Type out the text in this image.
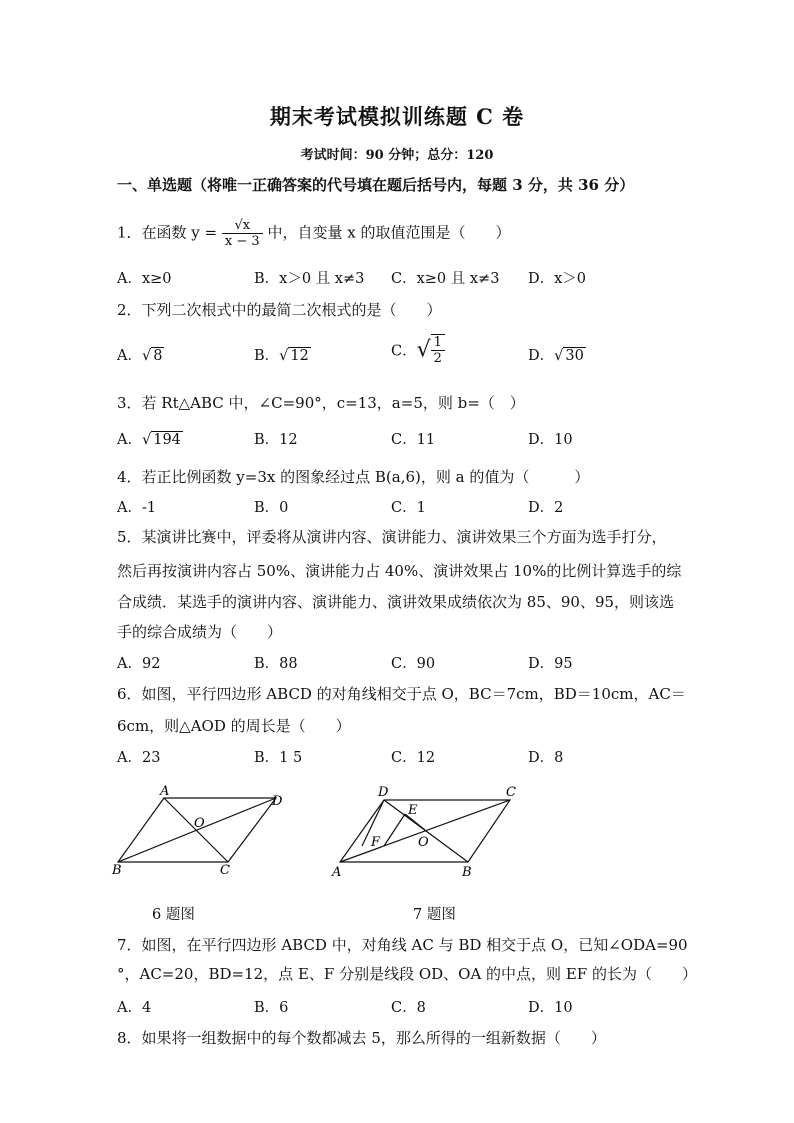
期末考试模拟训练题 C 卷
考试时间：90 分钟；总分：120
一、单选题（将唯一正确答案的代号填在题后括号内，每题 3 分，共 36 分）
1．在函数 $y = \frac{√x}{x - 3}$ 中，自变量 x 的取值范围是（　　）
A．x≥0	B．x＞0 且 x≠3 C．x≥0 且 x≠3 D．x＞0
2．下列二次根式中的最简二次根式的是（　　）
A．√ 8	B．√ 12	C．√ $\frac{1}{2}$	D．√ 30
3．若 Rt△ABC 中，∠C=90°，c=13，a=5，则 b=（　）
A．√ 194	B．12	C．11	D．10
4．若正比例函数 y=3x 的图象经过点 B(a,6)，则 a 的值为（　　　）
A．-1	B．0	C．1	D．2
5．某演讲比赛中，评委将从演讲内容、演讲能力、演讲效果三个方面为选手打分，
然后再按演讲内容占 50%、演讲能力占 40%、演讲效果占 10%的比例计算选手的综
合成绩．某选手的演讲内容、演讲能力、演讲效果成绩依次为 85、90、95，则该选
手的综合成绩为（　　）
A．92	B．88	C．90	D．95
6．如图，平行四边形 ABCD 的对角线相交于点 O，BC＝7cm，BD＝10cm，AC＝
6cm，则△AOD 的周长是（　　）
A．23	B．1 5	C．12	D．8
A
D
O
B	C
6 题图
D	C
E
F	O
A	B
7 题图
7．如图，在平行四边形 ABCD 中，对角线 AC 与 BD 相交于点 O，已知∠ODA=90
°，AC=20，BD=12，点 E、F 分别是线段 OD、OA 的中点，则 EF 的长为（　　）
A．4	B．6	C．8	D．10
8．如果将一组数据中的每个数都减去 5，那么所得的一组新数据（　　）
